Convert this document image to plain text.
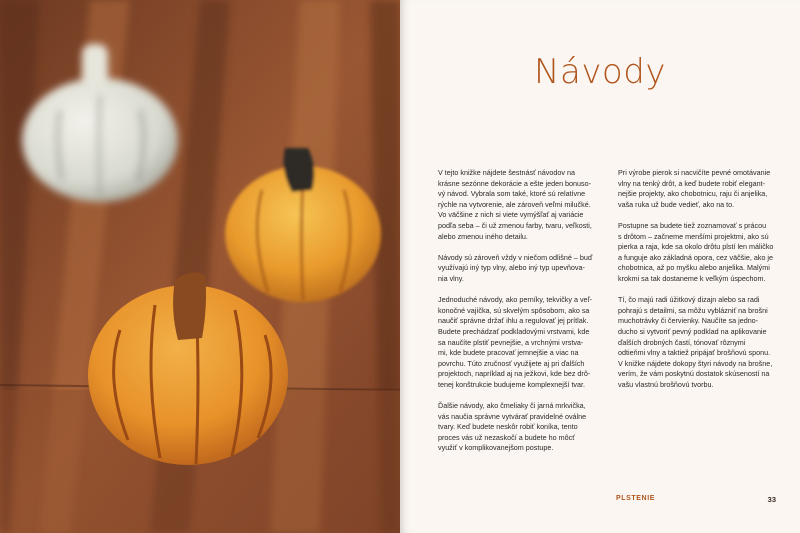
Návody

V tejto knižke nájdete šestnásť návodov na
krásne sezónne dekorácie a ešte jeden bonuso-
vý návod. Vybrala som také, ktoré sú relatívne
rýchle na vytvorenie, ale zároveň veľmi milučké.
Vo väčšine z nich si viete vymýšľať aj variácie
podľa seba – či už zmenou farby, tvaru, veľkosti,
alebo zmenou iného detailu.

Návody sú zároveň vždy v niečom odlišné – buď
využívajú iný typ vlny, alebo iný typ upevňova-
nia vlny.

Jednoduché návody, ako perníky, tekvičky a veľ-
konočné vajíčka, sú skvelým spôsobom, ako sa
naučiť správne držať ihlu a regulovať jej prítlak.
Budete prechádzať podkladovými vrstvami, kde
sa naučíte plstiť pevnejšie, a vrchnými vrstva-
mi, kde budete pracovať jemnejšie a viac na
povrchu. Túto zručnosť využijete aj pri ďalších
projektoch, napríklad aj na ježkovi, kde bez drô-
tenej konštrukcie budujeme komplexnejší tvar.

Ďalšie návody, ako čmeliaky či jarná mrkvička,
vás naučia správne vytvárať pravidelné oválne
tvary. Keď budete neskôr robiť koníka, tento
proces vás už nezaskočí a budete ho môcť
využiť v komplikovanejšom postupe.

Pri výrobe pierok si nacvičíte pevné omotávanie
vlny na tenký drôt, a keď budete robiť elegant-
nejšie projekty, ako chobotnicu, raju či anjelika,
vaša ruka už bude vedieť, ako na to.

Postupne sa budete tiež zoznamovať s prácou
s drôtom – začneme menšími projektmi, ako sú
pierka a raja, kde sa okolo drôtu plstí len máličko
a funguje ako základná opora, cez väčšie, ako je
chobotnica, až po myšku alebo anjelika. Malými
krokmi sa tak dostaneme k veľkým úspechom.

Tí, čo majú radi úžitkový dizajn alebo sa radi
pohrajú s detailmi, sa môžu vyblázniť na brošni
muchotrávky či červienky. Naučíte sa jedno-
ducho si vytvoriť pevný podklad na aplikovanie
ďalších drobných častí, tónovať rôznymi
odtieňmi vlny a taktiež pripájať brošňovú sponu.
V knižke nájdete dokopy štyri návody na brošne,
verím, že vám poskytnú dostatok skúseností na
vašu vlastnú brošňovú tvorbu.

PLSTENIE	33
